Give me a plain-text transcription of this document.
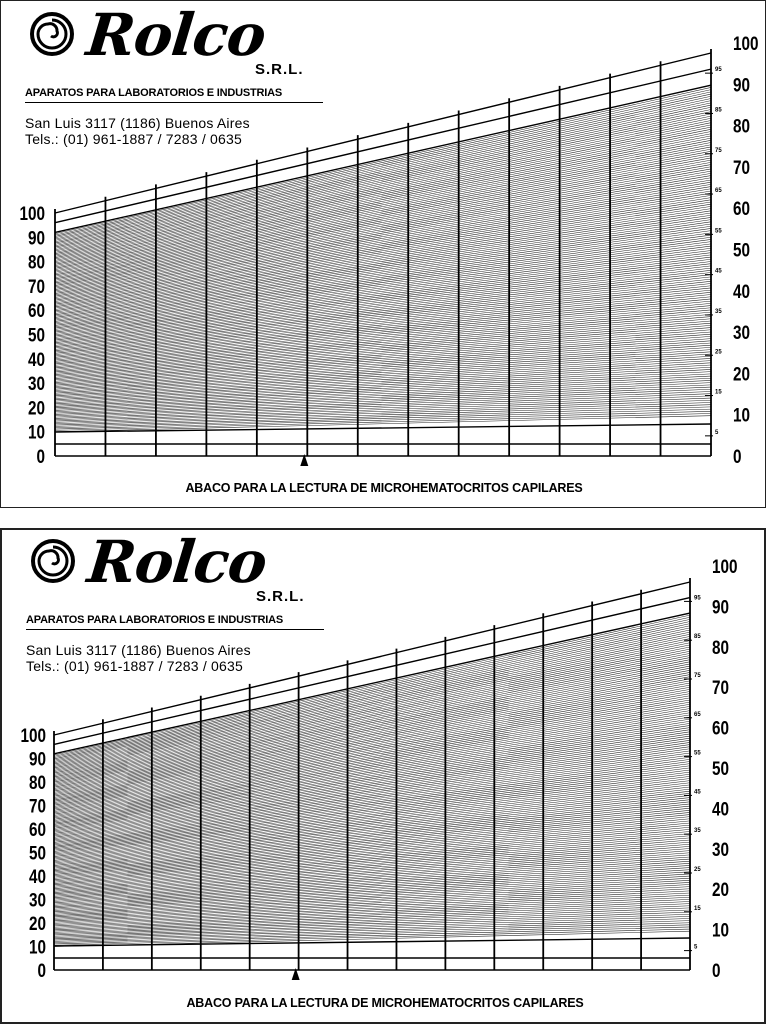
Rolco
S.R.L.
APARATOS PARA LABORATORIOS E INDUSTRIAS
San Luis 3117 (1186) Buenos Aires
Tels.: (01) 961-1887 / 7283 / 0635
100
90
80
70
60
50
40
30
20
10
0
100
90
80
70
60
50
40
30
20
10
0
95
85
75
65
55
45
35
25
15
5
ABACO PARA LA LECTURA DE MICROHEMATOCRITOS CAPILARES
Rolco
S.R.L.
APARATOS PARA LABORATORIOS E INDUSTRIAS
San Luis 3117 (1186) Buenos Aires
Tels.: (01) 961-1887 / 7283 / 0635
100
90
80
70
60
50
40
30
20
10
0
100
90
80
70
60
50
40
30
20
10
0
95
85
75
65
55
45
35
25
15
5
ABACO PARA LA LECTURA DE MICROHEMATOCRITOS CAPILARES
